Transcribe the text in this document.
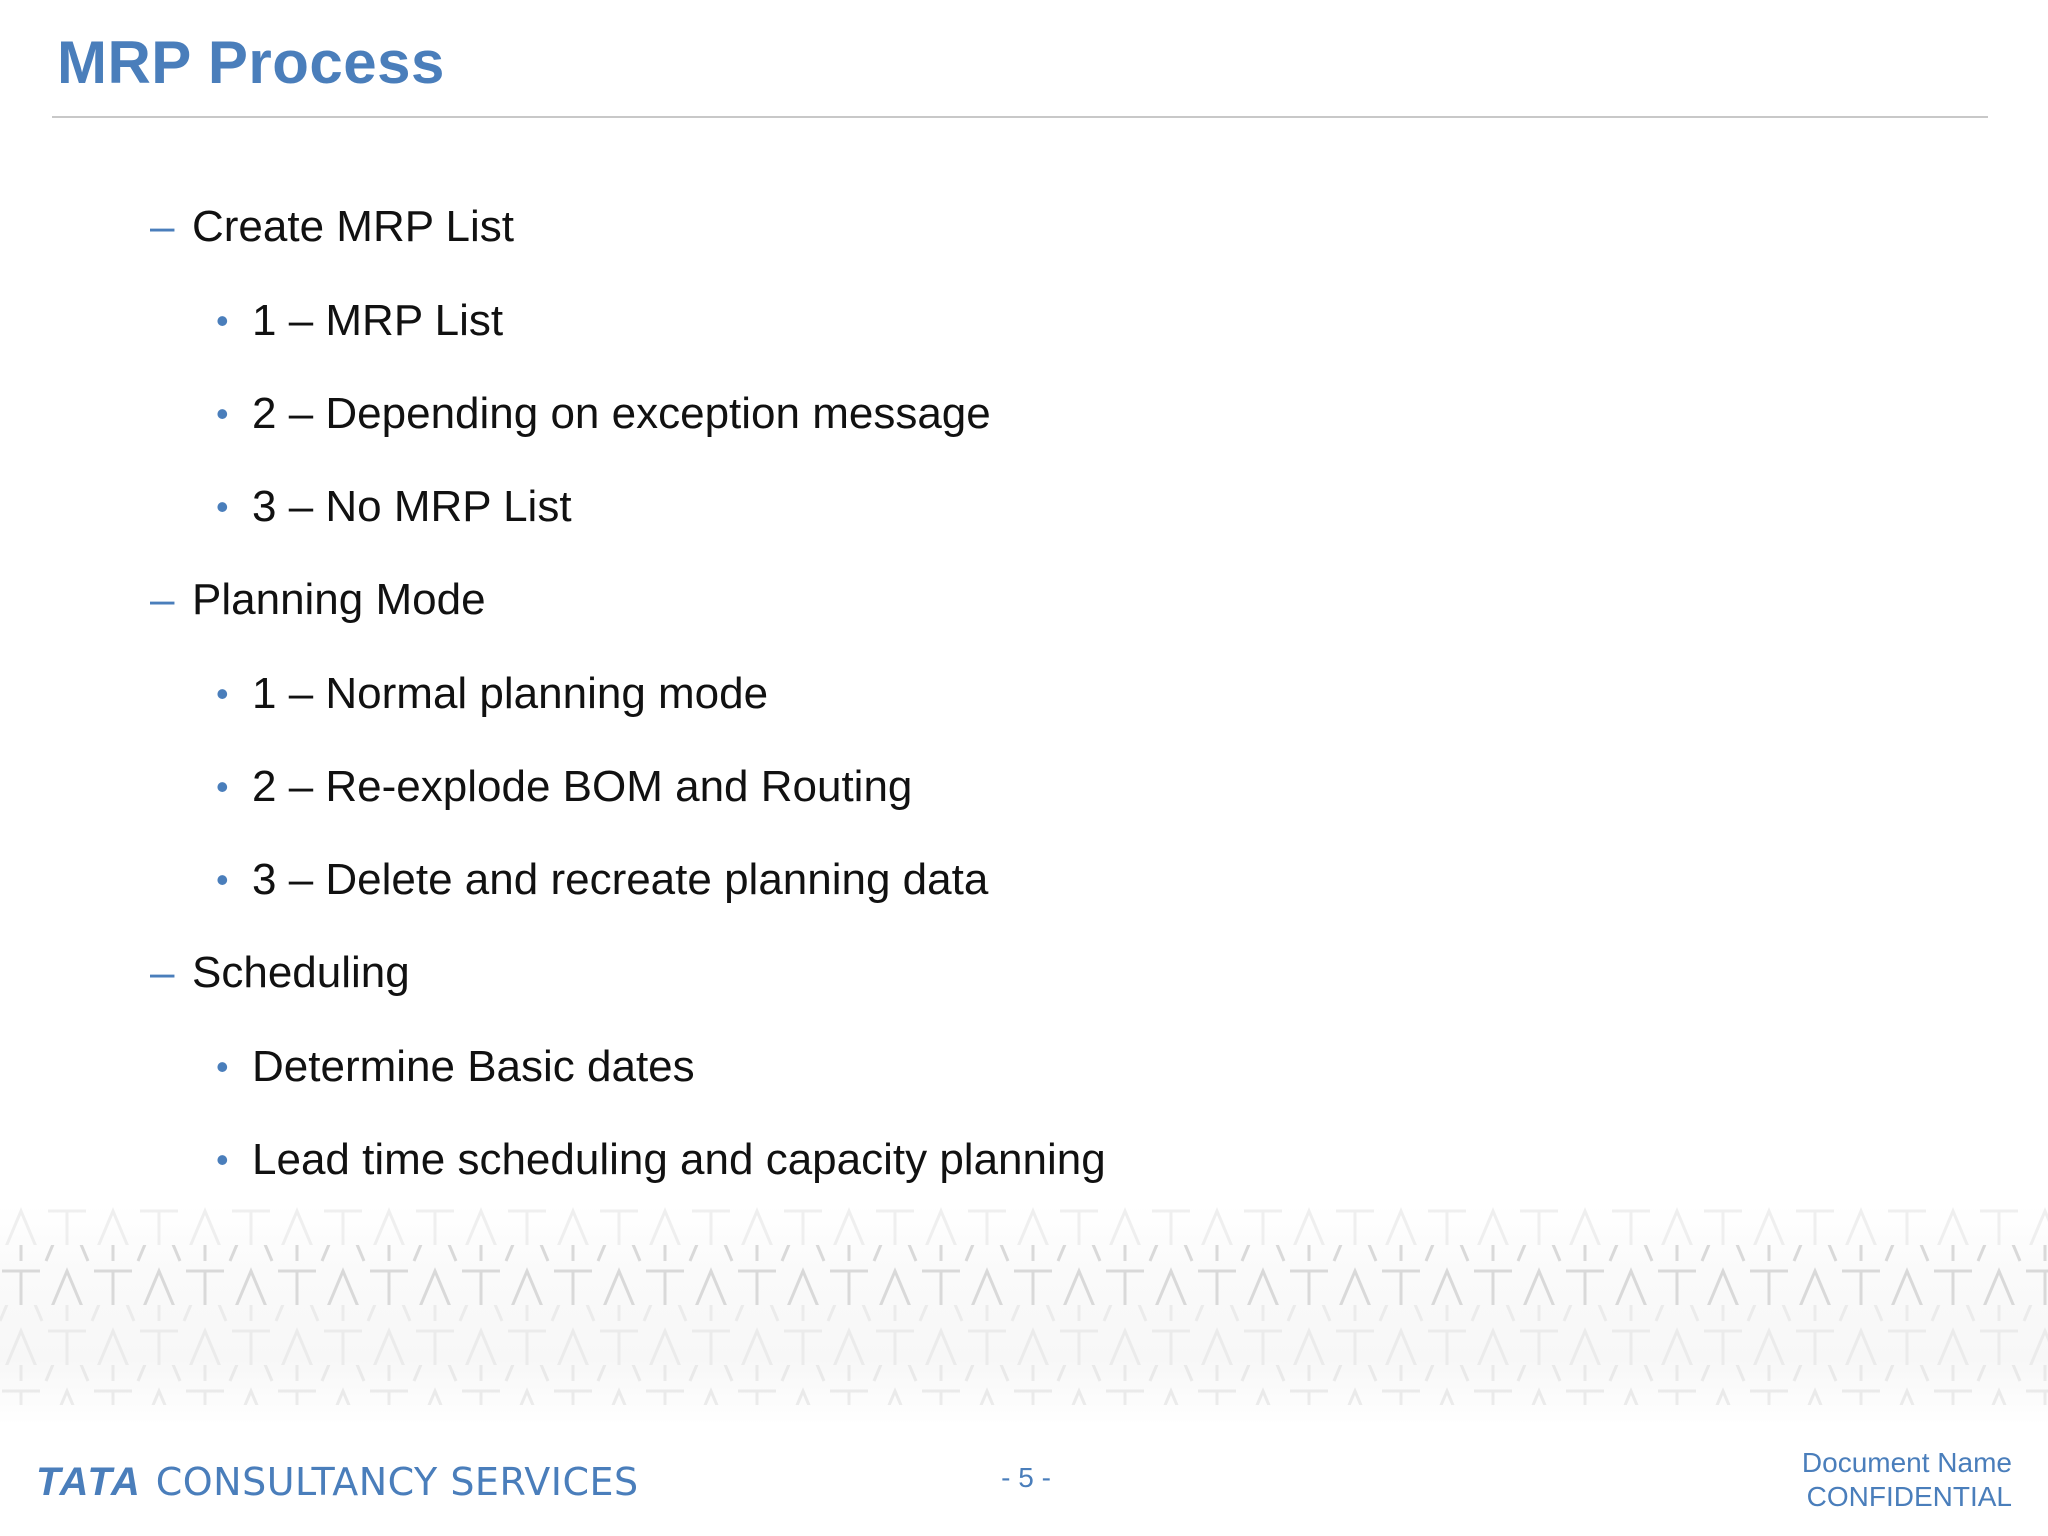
MRP Process
– Create MRP List
• 1 – MRP List
• 2 – Depending on exception message
• 3 – No MRP List
– Planning Mode
• 1 – Normal planning mode
• 2 – Re-explode BOM and Routing
• 3 – Delete and recreate planning data
– Scheduling
• Determine Basic dates
• Lead time scheduling and capacity planning
TATA CONSULTANCY SERVICES	- 5 -	Document Name
CONFIDENTIAL
